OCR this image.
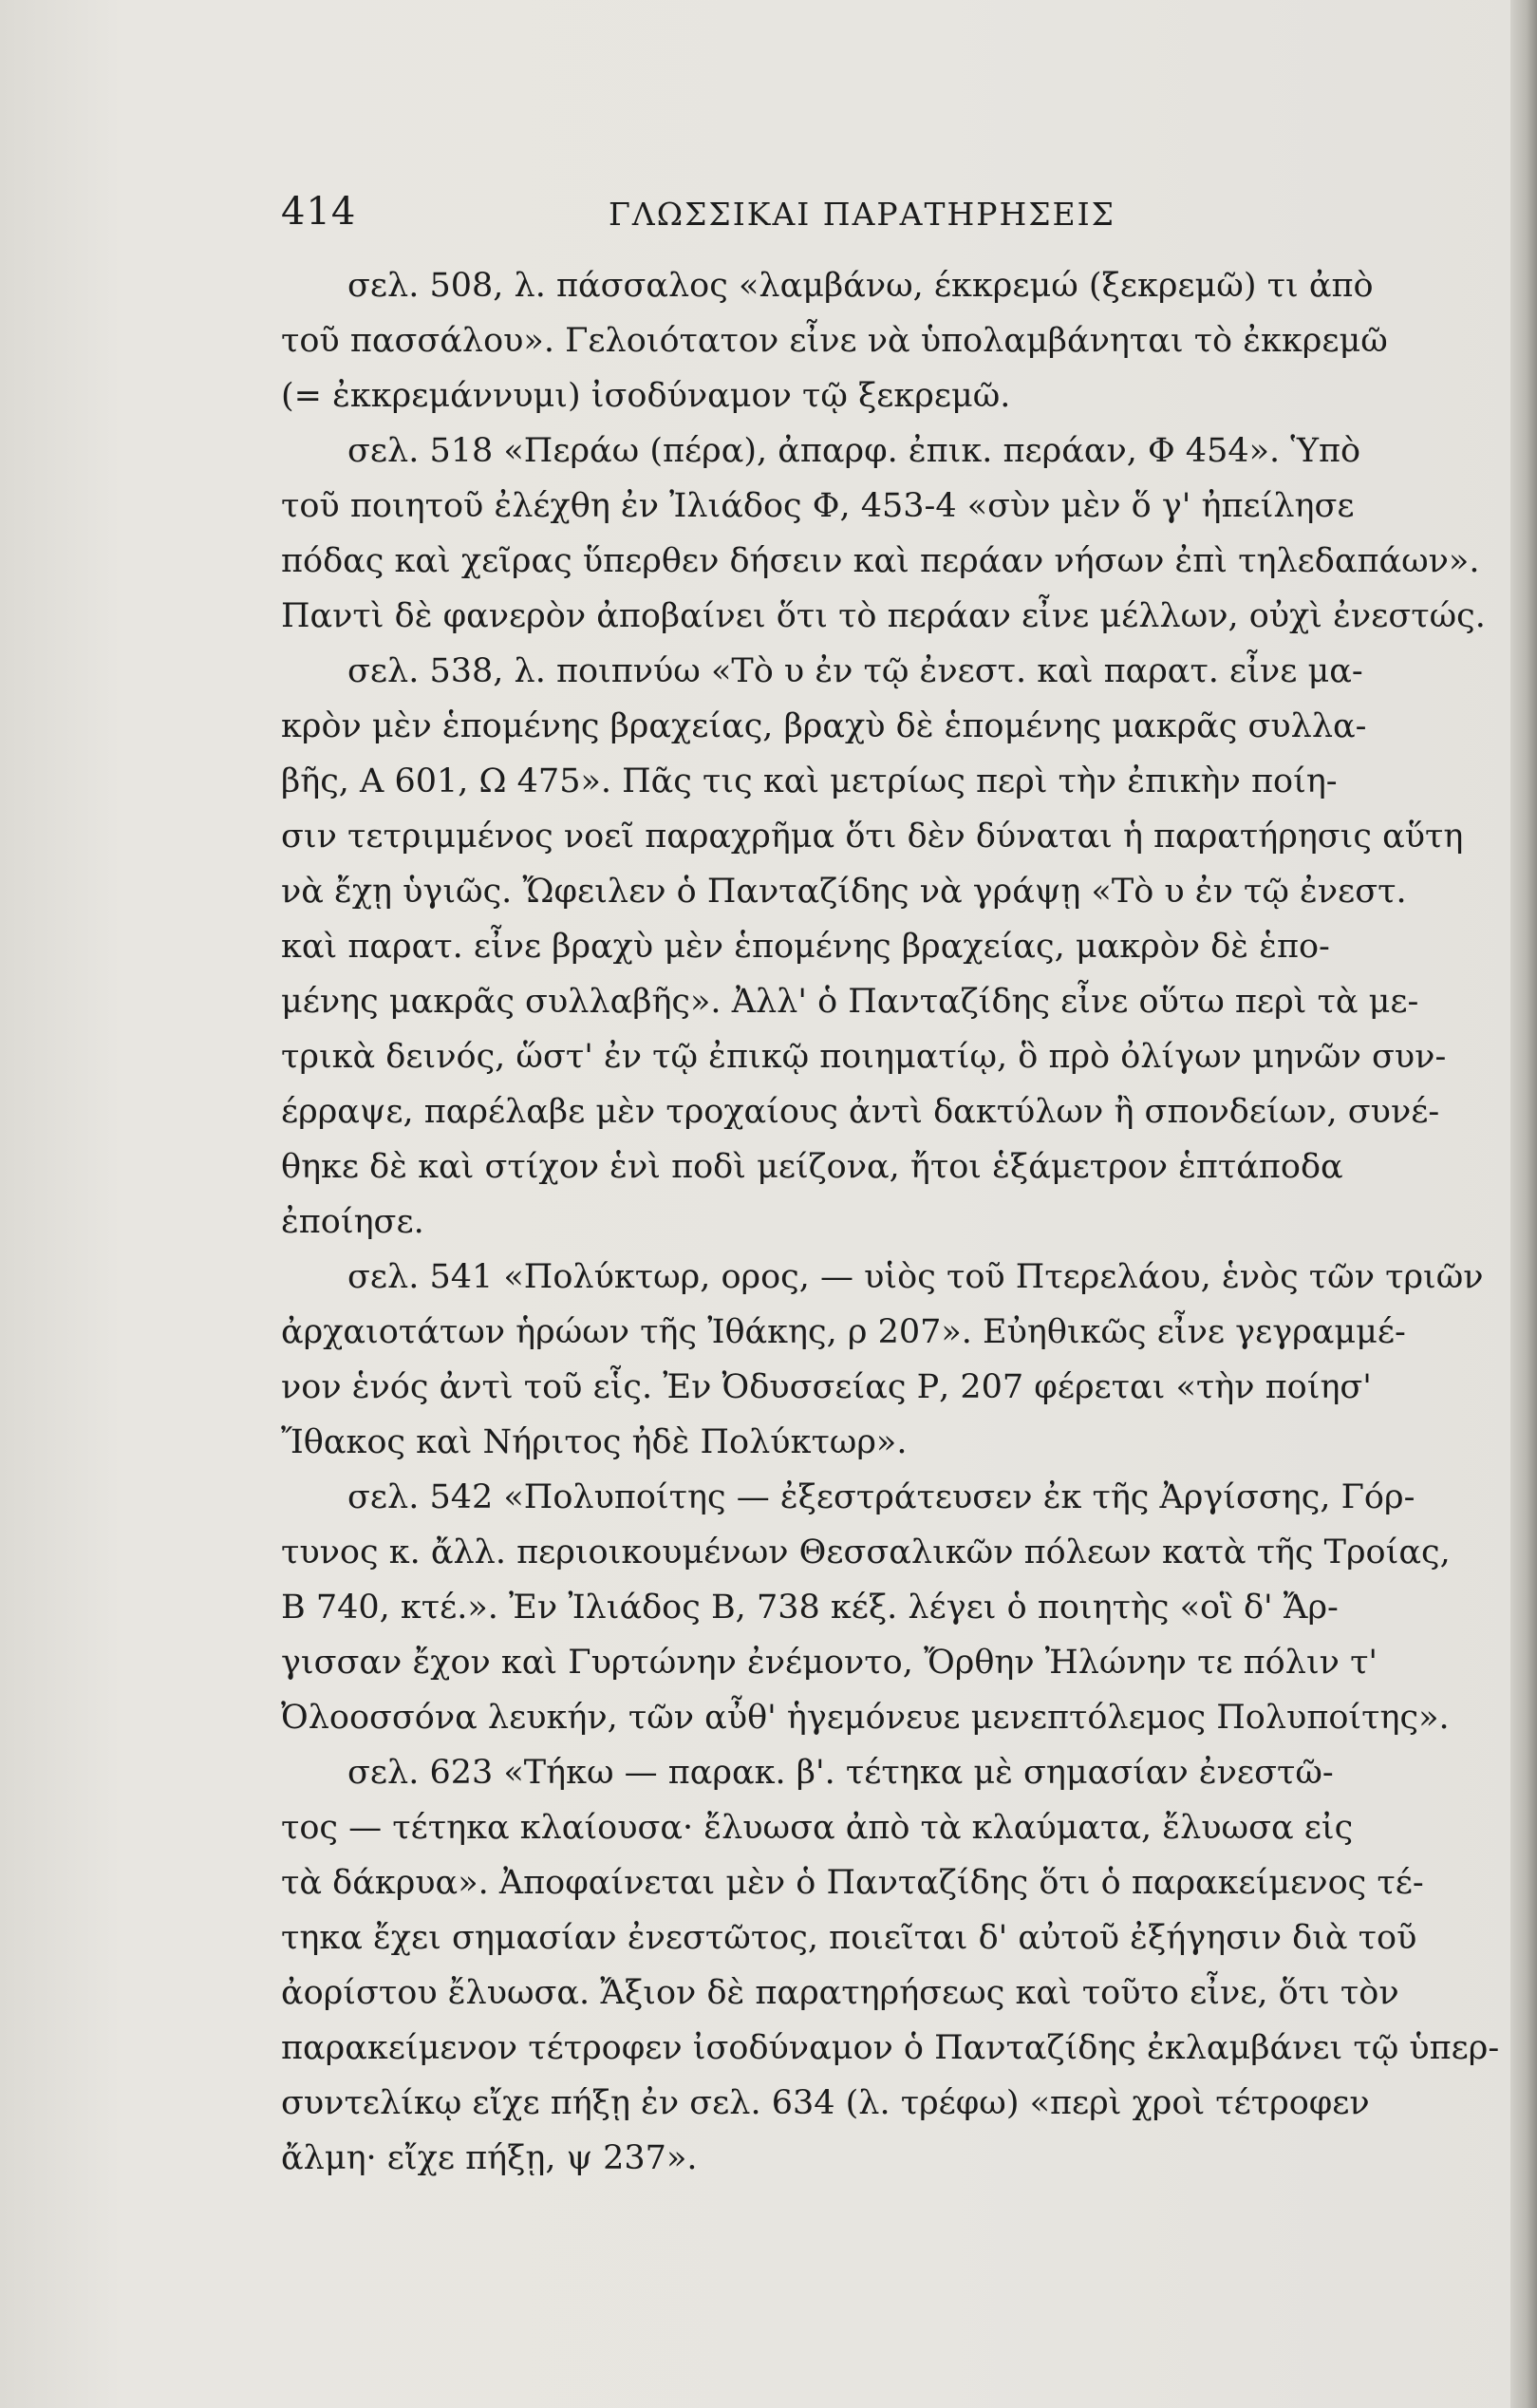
414	ΓΛΩΣΣΙΚΑΙ ΠΑΡΑΤΗΡΗΣΕΙΣ
σελ. 508, λ. πάσσαλος «λαμβάνω, έκκρεμώ (ξεκρεμῶ) τι ἀπὸ
τοῦ πασσάλου». Γελοιότατον εἶνε νὰ ὑπολαμβάνηται τὸ ἐκκρεμῶ
(= ἐκκρεμάννυμι) ἰσοδύναμον τῷ ξεκρεμῶ.
σελ. 518 «Περάω (πέρα), ἀπαρφ. ἐπικ. περάαν, Φ 454». Ὑπὸ
τοῦ ποιητοῦ ἐλέχθη ἐν Ἰλιάδος Φ, 453-4 «σὺν μὲν ὅ γ' ἠπείλησε
πόδας καὶ χεῖρας ὕπερθεν δήσειν καὶ περάαν νήσων ἐπὶ τηλεδαπάων».
Παντὶ δὲ φανερὸν ἀποβαίνει ὅτι τὸ περάαν εἶνε μέλλων, οὐχὶ ἐνεστώς.
σελ. 538, λ. ποιπνύω «Τὸ υ ἐν τῷ ἐνεστ. καὶ παρατ. εἶνε μα-
κρὸν μὲν ἑπομένης βραχείας, βραχὺ δὲ ἑπομένης μακρᾶς συλλα-
βῆς, Α 601, Ω 475». Πᾶς τις καὶ μετρίως περὶ τὴν ἐπικὴν ποίη-
σιν τετριμμένος νοεῖ παραχρῆμα ὅτι δὲν δύναται ἡ παρατήρησις αὕτη
νὰ ἔχῃ ὑγιῶς. Ὤφειλεν ὁ Πανταζίδης νὰ γράψῃ «Τὸ υ ἐν τῷ ἐνεστ.
καὶ παρατ. εἶνε βραχὺ μὲν ἑπομένης βραχείας, μακρὸν δὲ ἑπο-
μένης μακρᾶς συλλαβῆς». Ἀλλ' ὁ Πανταζίδης εἶνε οὕτω περὶ τὰ με-
τρικὰ δεινός, ὥστ' ἐν τῷ ἐπικῷ ποιηματίῳ, ὃ πρὸ ὀλίγων μηνῶν συν-
έρραψε, παρέλαβε μὲν τροχαίους ἀντὶ δακτύλων ἢ σπονδείων, συνέ-
θηκε δὲ καὶ στίχον ἑνὶ ποδὶ μείζονα, ἤτοι ἑξάμετρον ἑπτάποδα
ἐποίησε.
σελ. 541 «Πολύκτωρ, ορος, — υἱὸς τοῦ Πτερελάου, ἑνὸς τῶν τριῶν
ἀρχαιοτάτων ἡρώων τῆς Ἰθάκης, ρ 207». Εὐηθικῶς εἶνε γεγραμμέ-
νον ἑνός ἀντὶ τοῦ εἷς. Ἐν Ὀδυσσείας Ρ, 207 φέρεται «τὴν ποίησ'
Ἴθακος καὶ Νήριτος ἠδὲ Πολύκτωρ».
σελ. 542 «Πολυποίτης — ἐξεστράτευσεν ἐκ τῆς Ἀργίσσης, Γόρ-
τυνος κ. ἄλλ. περιοικουμένων Θεσσαλικῶν πόλεων κατὰ τῆς Τροίας,
Β 740, κτέ.». Ἐν Ἰλιάδος Β, 738 κέξ. λέγει ὁ ποιητὴς «οἳ δ' Ἄρ-
γισσαν ἔχον καὶ Γυρτώνην ἐνέμοντο, Ὄρθην Ἠλώνην τε πόλιν τ'
Ὀλοοσσόνα λευκήν, τῶν αὖθ' ἡγεμόνευε μενεπτόλεμος Πολυποίτης».
σελ. 623 «Τήκω — παρακ. β'. τέτηκα μὲ σημασίαν ἐνεστῶ-
τος — τέτηκα κλαίουσα· ἔλυωσα ἀπὸ τὰ κλαύματα, ἔλυωσα εἰς
τὰ δάκρυα». Ἀποφαίνεται μὲν ὁ Πανταζίδης ὅτι ὁ παρακείμενος τέ-
τηκα ἔχει σημασίαν ἐνεστῶτος, ποιεῖται δ' αὐτοῦ ἐξήγησιν διὰ τοῦ
ἀορίστου ἔλυωσα. Ἄξιον δὲ παρατηρήσεως καὶ τοῦτο εἶνε, ὅτι τὸν
παρακείμενον τέτροφεν ἰσοδύναμον ὁ Πανταζίδης ἐκλαμβάνει τῷ ὑπερ-
συντελίκῳ εἴχε πήξῃ ἐν σελ. 634 (λ. τρέφω) «περὶ χροὶ τέτροφεν
ἄλμη· εἴχε πήξῃ, ψ 237».
